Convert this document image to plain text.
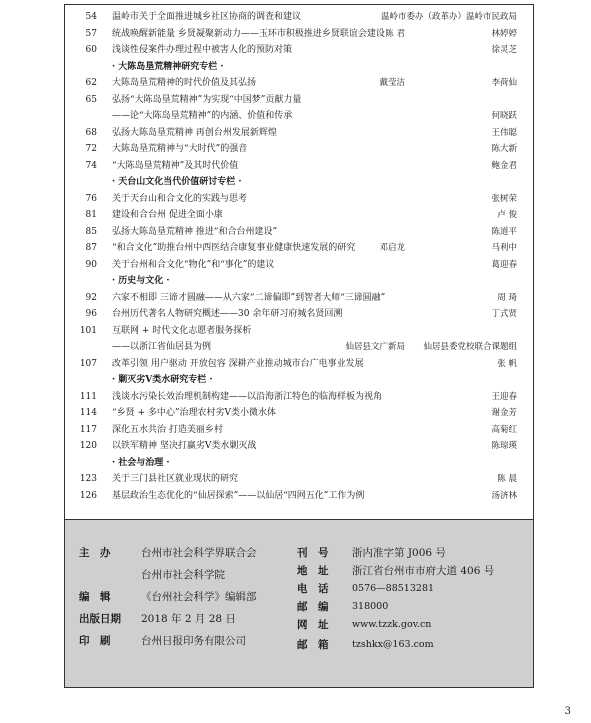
54 温岭市关于全面推进城乡社区协商的调查和建议	温岭市委办（政革办）温岭市民政局
57 统战唤醒新能量 乡贤凝聚新动力——玉环市积极推进乡贤联谊会建设 陈 君	林婷婷
60 浅谈性侵案件办理过程中被害人化的预防对策	徐灵芝
· 大陈岛垦荒精神研究专栏 ·
62 大陈岛垦荒精神的时代价值及其弘扬	戴莹洁	李荷仙
65 弘扬“大陈岛垦荒精神”为实现“中国梦”贡献力量
——论“大陈岛垦荒精神”的内涵、价值和传承	何晓跃
68 弘扬大陈岛垦荒精神 再创台州发展新辉煌	王伟聪
72 大陈岛垦荒精神与“大时代”的强音	陈大新
74 “大陈岛垦荒精神”及其时代价值	鲍金君
· 天台山文化当代价值研讨专栏 ·
76 关于天台山和合文化的实践与思考	张树荣
81 建设和合台州 促进全面小康	卢 俊
85 弘扬大陈岛垦荒精神 推进“和合台州建设”	陈道平
87 “和合文化”助推台州中西医结合康复事业健康快速发展的研究	邓启龙	马利中
90 关于台州和合文化“物化”和“事化”的建议	葛迎春
· 历史与文化 ·
92 六家不相即 三谛才圆融——从六家“二谛偏即”到智者大师“三谛圆融”	周 琦
96 台州历代著名人物研究概述——30 余年研习府城名贤回溯	丁式贤
101 互联网 + 时代文化志愿者服务探析
——以浙江省仙居县为例	仙居县文广新局 仙居县委党校联合课题组
107 改革引领 用户驱动 开放包容 深耕产业推动城市台广电事业发展	张 帆
· 剿灭劣Ⅴ类水研究专栏 ·
111 浅谈水污染长效治理机制构建——以沿海浙江特色的临海样板为视角	王迎春
114 “乡贤 + 多中心”治理农村劣Ⅴ类小微水体	谢金芳
117 深化五水共治 打造美丽乡村	高菊红
120 以铁军精神 坚决打赢劣Ⅴ类水剿灭战	陈琼瑛
· 社会与治理 ·
123 关于三门县社区就业现状的研究	陈 晨
126 基层政治生态优化的“仙居探索”——以仙居“四网五化”工作为例	汤济林
主　办	台州市社会科学界联合会
台州市社会科学院
编　辑	《台州社会科学》编辑部
出版日期 2018 年 2 月 28 日
印　刷	台州日报印务有限公司
刊　号 浙内准字第 J006 号
地　址 浙江省台州市市府大道 406 号
电　话 0576—88513281
邮　编 318000
网　址 www.tzzk.gov.cn
邮　箱 tzshkx@163.com
3
